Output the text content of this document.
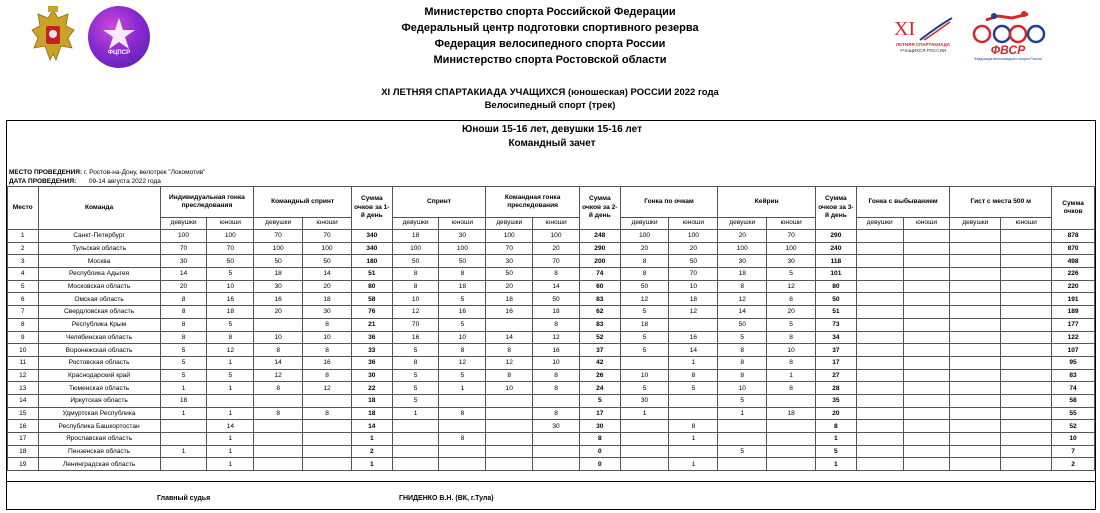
ФЦПСР
Министерство спорта Российской Федерации
Федеральный центр подготовки спортивного резерва
Федерация велосипедного спорта России
Министерство спорта Ростовской области
XI
ЛЕТНЯЯ СПАРТАКИАДА
УЧАЩИХСЯ РОССИИ	ФВСР
Федерация велосипедного спорта России
XI ЛЕТНЯЯ СПАРТАКИАДА УЧАЩИХСЯ (юношеская) РОССИИ 2022 года
Велосипедный спорт (трек)
Юноши 15-16 лет, девушки 15-16 лет
Командный зачет
МЕСТО ПРОВЕДЕНИЯ: г. Ростов-на-Дону, велотрек "Локомотив"
ДАТА ПРОВЕДЕНИЯ: 09-14 августа 2022 года
Место	Команда	Индивидуальная гонка преследования		Командный спринт		Сумма очков за 1-й день	Спринт		Командная гонка преследования		Сумма очков за 2-й день	Гонка по очкам		Кейрин		Сумма очков за 3-й день	Гонка с выбыванием		Гист с места 500 м		Сумма очков
		девушки	юноши	девушки	юноши		девушки	юноши	девушки	юноши		девушки	юноши	девушки	юноши		девушки	юноши	девушки	юноши	
1	Санкт-Петербург	100	100	70	70	340	18	30	100	100	248	100	100	20	70	290					878
2	Тульская область	70	70	100	100	340	100	100	70	20	290	20	20	100	100	240					870
3	Москва	30	50	50	50	180	50	50	30	70	200	8	50	30	30	118					498
4	Республика Адыгея	14	5	18	14	51	8	8	50	8	74	8	70	18	5	101					226
5	Московская область	20	10	30	20	80	8	18	20	14	60	50	10	8	12	80					220
6	Омская область	8	16	16	18	58	10	5	18	50	83	12	18	12	8	50					191
7	Свердловская область	8	18	20	30	76	12	16	16	18	62	5	12	14	20	51					189
8	Республика Крым	8	5		8	21	70	5		8	83	18		50	5	73					177
9	Челябинская область	8	8	10	10	36	16	10	14	12	52	5	16	5	8	34					122
10	Воронежская область	5	12	8	8	33	5	8	8	16	37	5	14	8	10	37					107
11	Ростовская область	5	1	14	16	36	8	12	12	10	42		1	8	8	17					95
12	Краснодарский край	5	5	12	8	30	5	5	8	8	26	10	8	8	1	27					83
13	Тюменская область	1	1	8	12	22	5	1	10	8	24	5	5	10	8	28					74
14	Иркутская область	18				18	5				5	30		5		35					58
15	Удмуртская Республика	1	1	8	8	18	1	8		8	17	1		1	18	20					55
16	Республика Башкортостан		14			14				30	30		8			8					52
17	Ярославская область		1			1		8			8		1			1					10
18	Пензенская область	1	1			2					0			5		5					7
19	Ленинградская область		1			1					0		1			1					2
Главный судья	ГНИДЕНКО В.Н. (ВК, г.Тула)
